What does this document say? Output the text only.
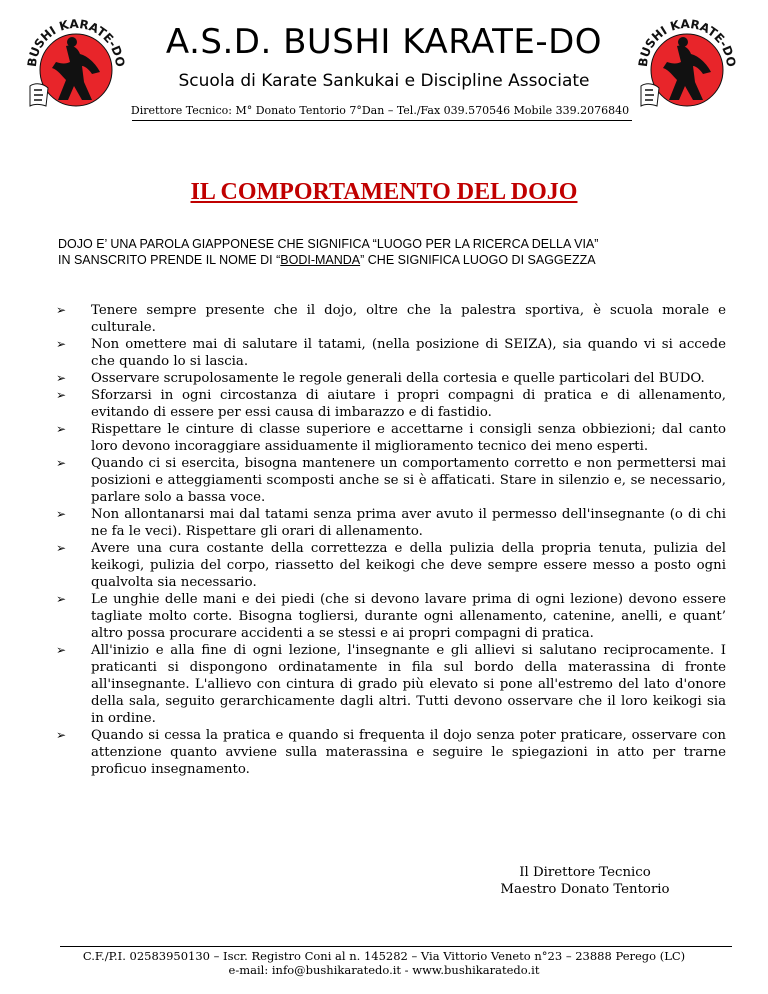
BUSHI KARATE-DO	BUSHI KARATE-DO
A.S.D. BUSHI KARATE-DO
Scuola di Karate Sankukai e Discipline Associate
Direttore Tecnico: M° Donato Tentorio 7°Dan – Tel./Fax 039.570546 Mobile 339.2076840
IL COMPORTAMENTO DEL DOJO

DOJO E’ UNA PAROLA GIAPPONESE CHE SIGNIFICA “LUOGO PER LA RICERCA DELLA VIA”

IN SANSCRITO PRENDE IL NOME DI “BODI-MANDA” CHE SIGNIFICA LUOGO DI SAGGEZZA

➢ Tenere sempre presente che il dojo, oltre che la palestra sportiva, è scuola morale e culturale.
➢ Non omettere mai di salutare il tatami, (nella posizione di SEIZA), sia quando vi si accede che quando lo si lascia.
➢ Osservare scrupolosamente le regole generali della cortesia e quelle particolari del BUDO.
➢ Sforzarsi in ogni circostanza di aiutare i propri compagni di pratica e di allenamento, evitando di essere per essi causa di imbarazzo e di fastidio.
➢ Rispettare le cinture di classe superiore e accettarne i consigli senza obbiezioni; dal canto loro devono incoraggiare assiduamente il miglioramento tecnico dei meno esperti.
➢ Quando ci si esercita, bisogna mantenere un comportamento corretto e non permettersi mai posizioni e atteggiamenti scomposti anche se si è affaticati. Stare in silenzio e, se necessario, parlare solo a bassa voce.
➢ Non allontanarsi mai dal tatami senza prima aver avuto il permesso dell'insegnante (o di chi ne fa le veci). Rispettare gli orari di allenamento.
➢ Avere una cura costante della correttezza e della pulizia della propria tenuta, pulizia del keikogi, pulizia del corpo, riassetto del keikogi che deve sempre essere messo a posto ogni qualvolta sia necessario.
➢ Le unghie delle mani e dei piedi (che si devono lavare prima di ogni lezione) devono essere tagliate molto corte. Bisogna togliersi, durante ogni allenamento, catenine, anelli, e quant’ altro possa procurare accidenti a se stessi e ai propri compagni di pratica.
➢ All'inizio e alla fine di ogni lezione, l'insegnante e gli allievi si salutano reciprocamente. I praticanti si dispongono ordinatamente in fila sul bordo della materassina di fronte all'insegnante. L'allievo con cintura di grado più elevato si pone all'estremo del lato d'onore della sala, seguito gerarchicamente dagli altri. Tutti devono osservare che il loro keikogi sia in ordine.
➢ Quando si cessa la pratica e quando si frequenta il dojo senza poter praticare, osservare con attenzione quanto avviene sulla materassina e seguire le spiegazioni in atto per trarne proficuo insegnamento.
Il Direttore Tecnico
Maestro Donato Tentorio

C.F./P.I. 02583950130 – Iscr. Registro Coni al n. 145282 – Via Vittorio Veneto n°23 – 23888 Perego (LC)

e-mail: info@bushikaratedo.it - www.bushikaratedo.it
